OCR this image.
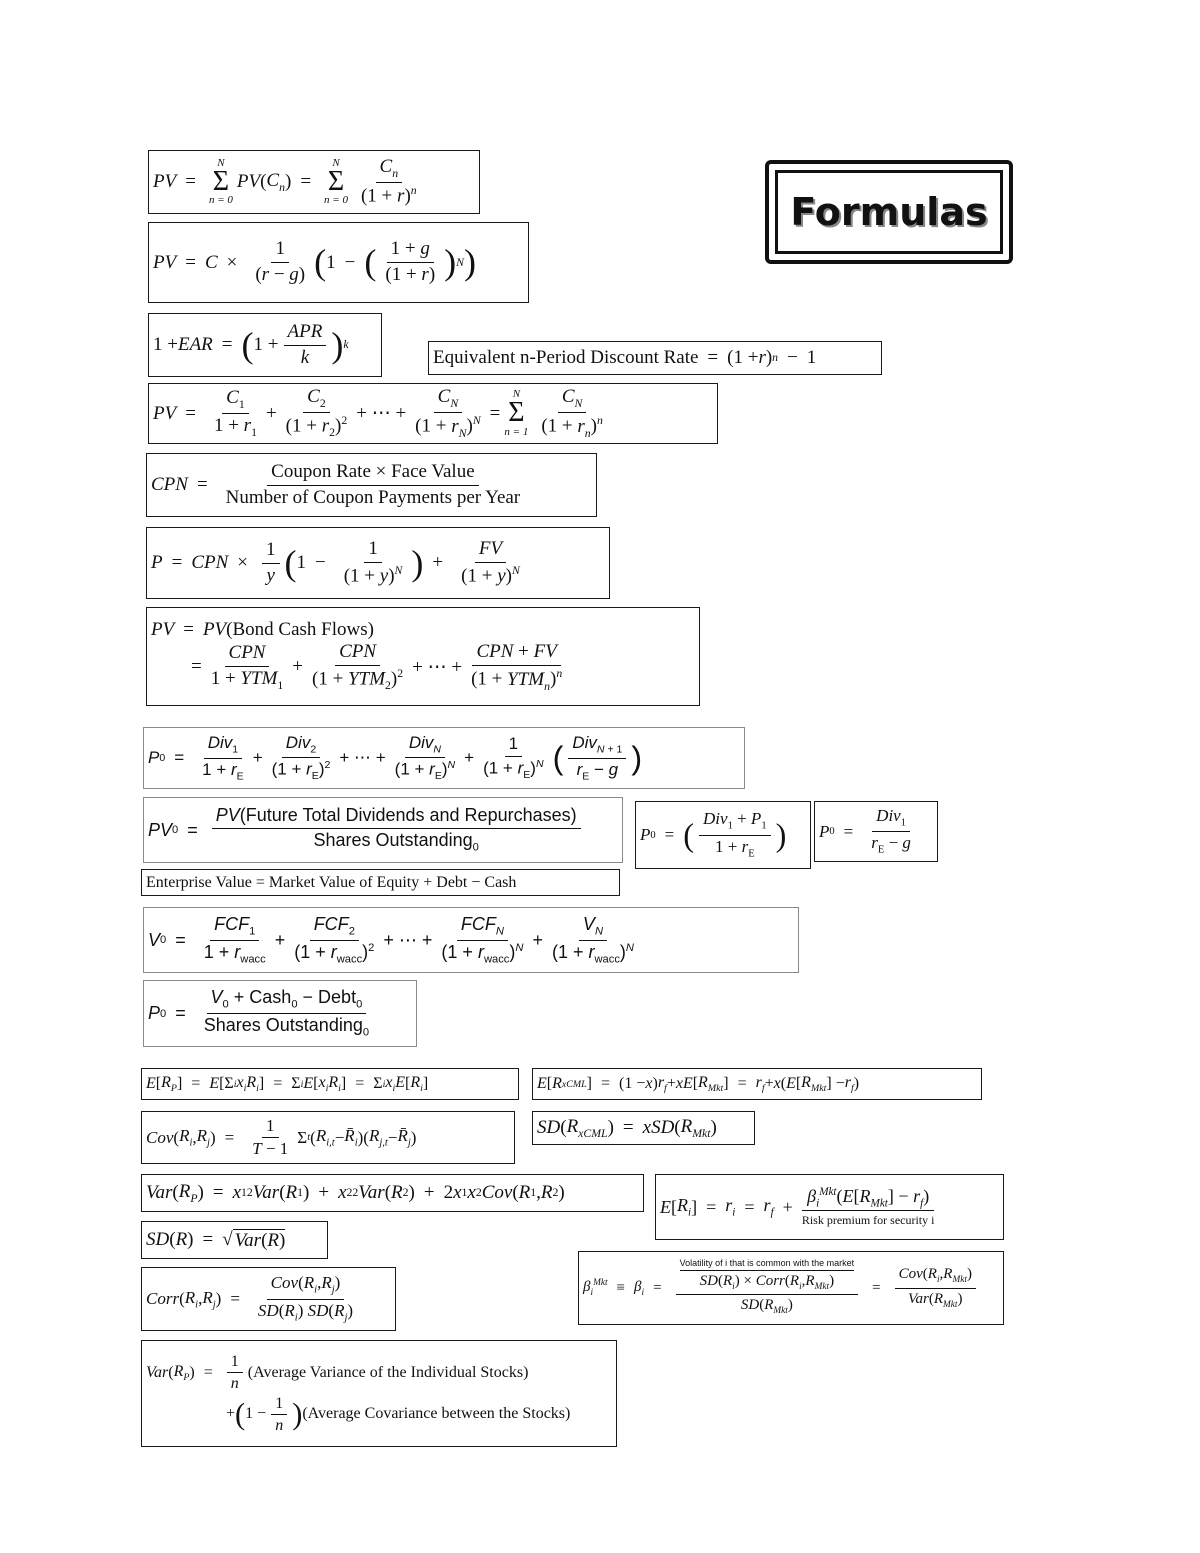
Formulas
PV =
N
Σ
n = 0
PV ( $C_n$ ) =
N
Σ
$n = 0 \frac{C_n}{(1 + r)^n}$
PV = $C \times \frac{1}{(r - g)}$ ( 1 − ( $\frac{1 + g}{(1 + r)}$ ) N )
1 + EAR = ( $1 + \frac{\text{APR}}{k}$ ) k
Equivalent n-Period Discount Rate = (1 + r ) n − 1
PV = $\frac{C_1}{1 + r_1} + \frac{C_2}{(1 + r_2)^2}$ + ⋯ + $\frac{C_N}{(1 + r_N)^N}$ =
N
Σ
$n = 1 \frac{C_N}{(1 + r_n)^n}$
CPN = $\frac{\text{Coupon Rate × Face Value}}{\text{Number of Coupon Payments per Year}}$
P = CPN × $\frac{1}{y}$ ( $1 - \frac{1}{(1 + y)^N}$ ) + $\frac{FV}{(1 + y)^N}$
PV = PV (Bond Cash Flows)
= $\frac{\text{CPN}}{1 + YTM_1} + \frac{\text{CPN}}{(1 + YTM_2)^2}$ + ⋯ + $\frac{\text{CPN + FV}}{(1 + YTM_n)^n}$
P $0 = \frac{Div_1}{1 + r_E} + \frac{Div_2}{(1 + r_E)^2}$ + ⋯ + $\frac{Div_N}{(1 + r_E)^N} + \frac{1}{(1 + r_E)^N}$ ( $\frac{Div_{N + 1}}{r_E - g}$ )
PV $0 = \frac{\text{PV(Future Total Dividends and Repurchases)}}{Shares Outstanding_0}$	P 0 = ( $\frac{Div_1 + P_1}{1 + r_E}$ ) P $0 = \frac{Div_1}{r_E - g}$
Enterprise Value = Market Value of Equity + Debt − Cash
V $0 = \frac{FCF_1}{1 + r_{wacc}} + \frac{FCF_2}{(1 + r_{wacc})^2}$ + ⋯ + $\frac{FCF_N}{(1 + r_{wacc})^N} + \frac{V_N}{(1 + r_{wacc})^N}$
P $0 = \frac{V_0 + Cash_0 - Debt_0}{Shares Outstanding_0}$
E [ $R_P$ ] = E [Σ i $x_iR_i$ ] = Σ i E [ $x_iR_i$ ] = Σ i $x_iE$ [ $R_i$ ]	E [ R xCML ] = (1 − x ) $r_f$ + xE [ $R_{Mkt}$ ] = $r_f + x$ ( E [ $R_{Mkt}$ ] − $r_f$ )
Cov ( $R_i$ , $R_j$ ) = $\frac{1}{T - 1}$ Σ t ( $R_{i,t}$ − $R̄_i$ )( $R_{j,t}$ − $R̄_j$ )	SD ( $R_{xCML}$ ) = xSD ( $R_{Mkt}$ )
Var ( $R_P$ ) = x 1 2 Var ( R 1 ) + x 2 2 Var ( R 2 ) + 2 x 1 x 2 Cov ( R 1 , R 2 )
E [ $R_i$ ] = $r_i = r_f$ +
$\beta_i^{Mkt}(E[R_{Mkt}] - r_f)$
Risk premium for security i
SD ( R ) = √ Var(R)
Corr ( $R_i$ , $R_j$ ) = $\frac{Cov(R_i,R_j)}{SD(R_i) SD(R_j)}$	$\beta_i^{Mkt} \equiv \beta_i$ =
Volatility of i that is common with the market
$SD(R_i)$ × $Corr(R_i,R_{Mkt})$
$SD(R_{Mkt})$
= $\frac{Cov(R_i,R_{Mkt})}{Var(R_{Mkt})}$
Var ( $R_P$ ) = $\frac{1}{n}$ (Average Variance of the Individual Stocks)
+ ( $1 - \frac{1}{n}$ ) (Average Covariance between the Stocks)
